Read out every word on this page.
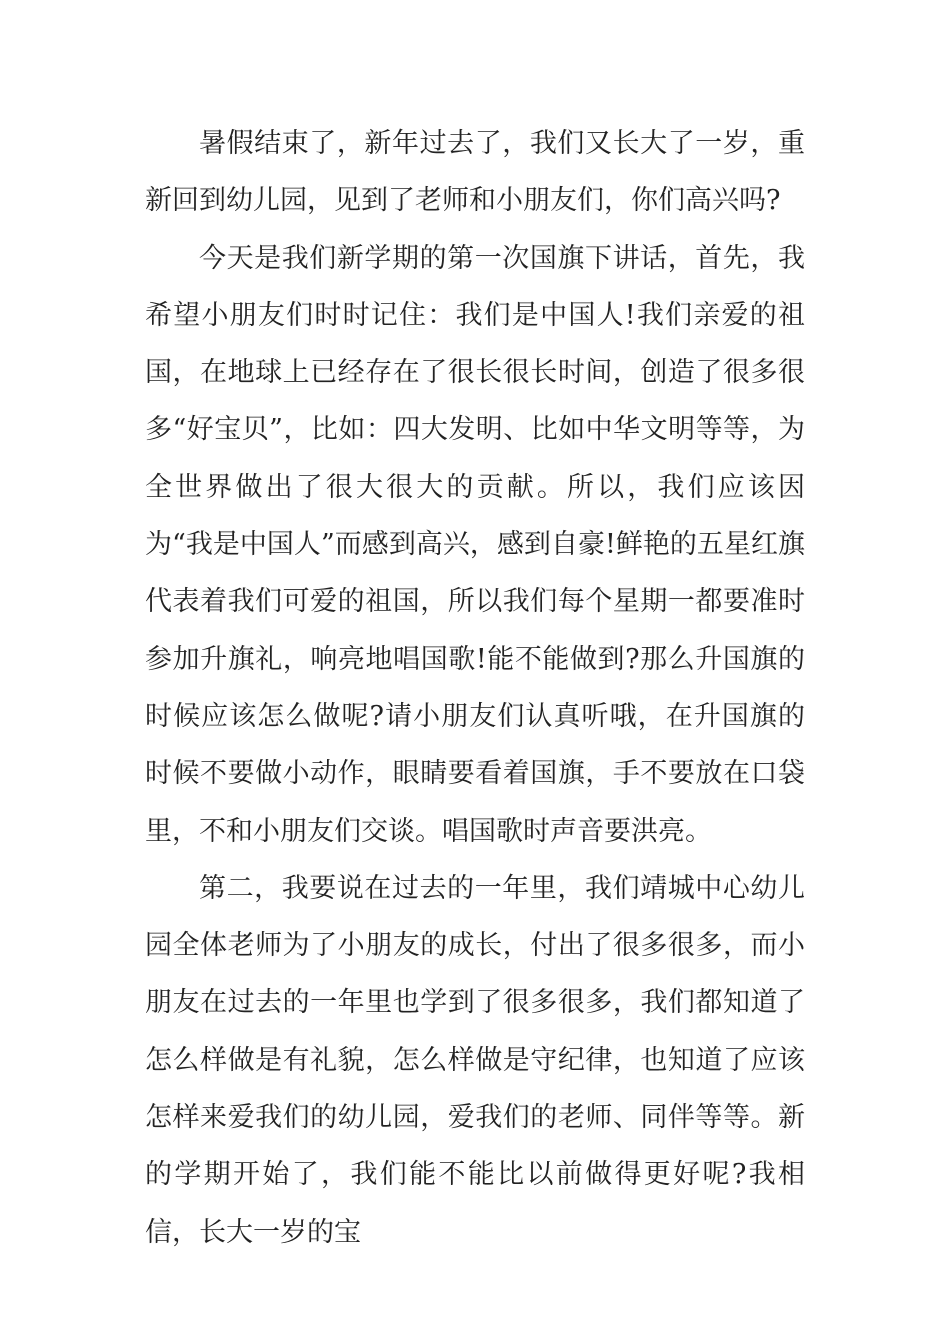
暑假结束了，新年过去了，我们又长大了一岁，重新回到幼儿园，见到了老师和小朋友们，你们高兴吗?

今天是我们新学期的第一次国旗下讲话，首先，我希望小朋友们时时记住：我们是中国人!我们亲爱的祖国，在地球上已经存在了很长很长时间，创造了很多很多“好宝贝”，比如：四大发明、比如中华文明等等，为全世界做出了很大很大的贡献。所以，我们应该因为“我是中国人”而感到高兴，感到自豪!鲜艳的五星红旗代表着我们可爱的祖国，所以我们每个星期一都要准时参加升旗礼，响亮地唱国歌!能不能做到?那么升国旗的时候应该怎么做呢?请小朋友们认真听哦，在升国旗的时候不要做小动作，眼睛要看着国旗，手不要放在口袋里，不和小朋友们交谈。唱国歌时声音要洪亮。

第二，我要说在过去的一年里，我们靖城中心幼儿园全体老师为了小朋友的成长，付出了很多很多，而小朋友在过去的一年里也学到了很多很多，我们都知道了怎么样做是有礼貌，怎么样做是守纪律，也知道了应该怎样来爱我们的幼儿园，爱我们的老师、同伴等等。新的学期开始了，我们能不能比以前做得更好呢?我相信，长大一岁的宝
